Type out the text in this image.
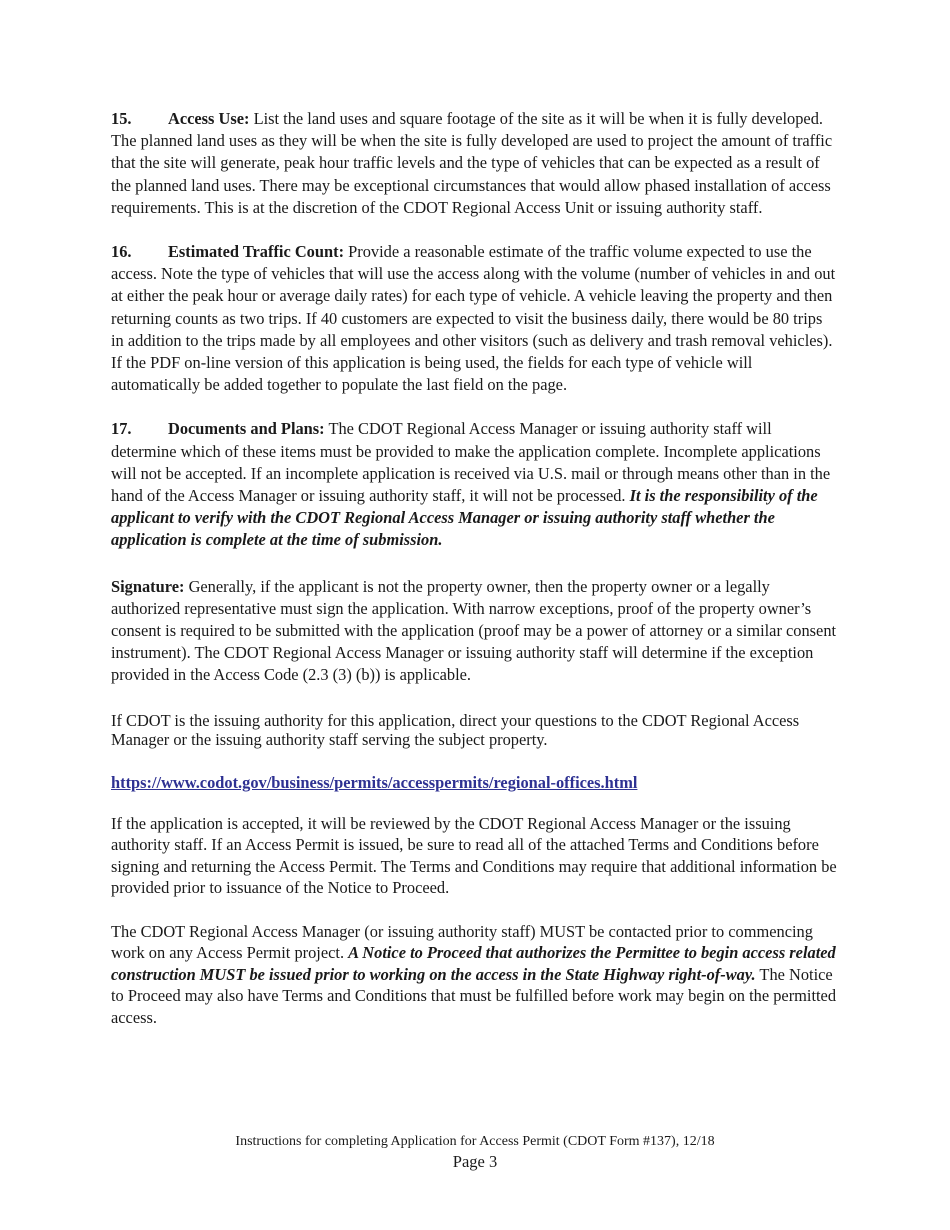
15. Access Use: List the land uses and square footage of the site as it will be when it is fully developed. The planned land uses as they will be when the site is fully developed are used to project the amount of traffic that the site will generate, peak hour traffic levels and the type of vehicles that can be expected as a result of the planned land uses. There may be exceptional circumstances that would allow phased installation of access requirements. This is at the discretion of the CDOT Regional Access Unit or issuing authority staff.

16. Estimated Traffic Count: Provide a reasonable estimate of the traffic volume expected to use the access. Note the type of vehicles that will use the access along with the volume (number of vehicles in and out at either the peak hour or average daily rates) for each type of vehicle. A vehicle leaving the property and then returning counts as two trips. If 40 customers are expected to visit the business daily, there would be 80 trips in addition to the trips made by all employees and other visitors (such as delivery and trash removal vehicles). If the PDF on-line version of this application is being used, the fields for each type of vehicle will automatically be added together to populate the last field on the page.

17. Documents and Plans: The CDOT Regional Access Manager or issuing authority staff will determine which of these items must be provided to make the application complete. Incomplete applications will not be accepted. If an incomplete application is received via U.S. mail or through means other than in the hand of the Access Manager or issuing authority staff, it will not be processed. It is the responsibility of the applicant to verify with the CDOT Regional Access Manager or issuing authority staff whether the application is complete at the time of submission.

Signature: Generally, if the applicant is not the property owner, then the property owner or a legally authorized representative must sign the application. With narrow exceptions, proof of the property owner’s consent is required to be submitted with the application (proof may be a power of attorney or a similar consent instrument). The CDOT Regional Access Manager or issuing authority staff will determine if the exception provided in the Access Code (2.3 (3) (b)) is applicable.

If CDOT is the issuing authority for this application, direct your questions to the CDOT Regional Access Manager or the issuing authority staff serving the subject property.

https://www.codot.gov/business/permits/accesspermits/regional-offices.html

If the application is accepted, it will be reviewed by the CDOT Regional Access Manager or the issuing authority staff. If an Access Permit is issued, be sure to read all of the attached Terms and Conditions before signing and returning the Access Permit. The Terms and Conditions may require that additional information be provided prior to issuance of the Notice to Proceed.

The CDOT Regional Access Manager (or issuing authority staff) MUST be contacted prior to commencing work on any Access Permit project. A Notice to Proceed that authorizes the Permittee to begin access related construction MUST be issued prior to working on the access in the State Highway right-of-way. The Notice to Proceed may also have Terms and Conditions that must be fulfilled before work may begin on the permitted access.

Instructions for completing Application for Access Permit (CDOT Form #137), 12/18
Page 3
